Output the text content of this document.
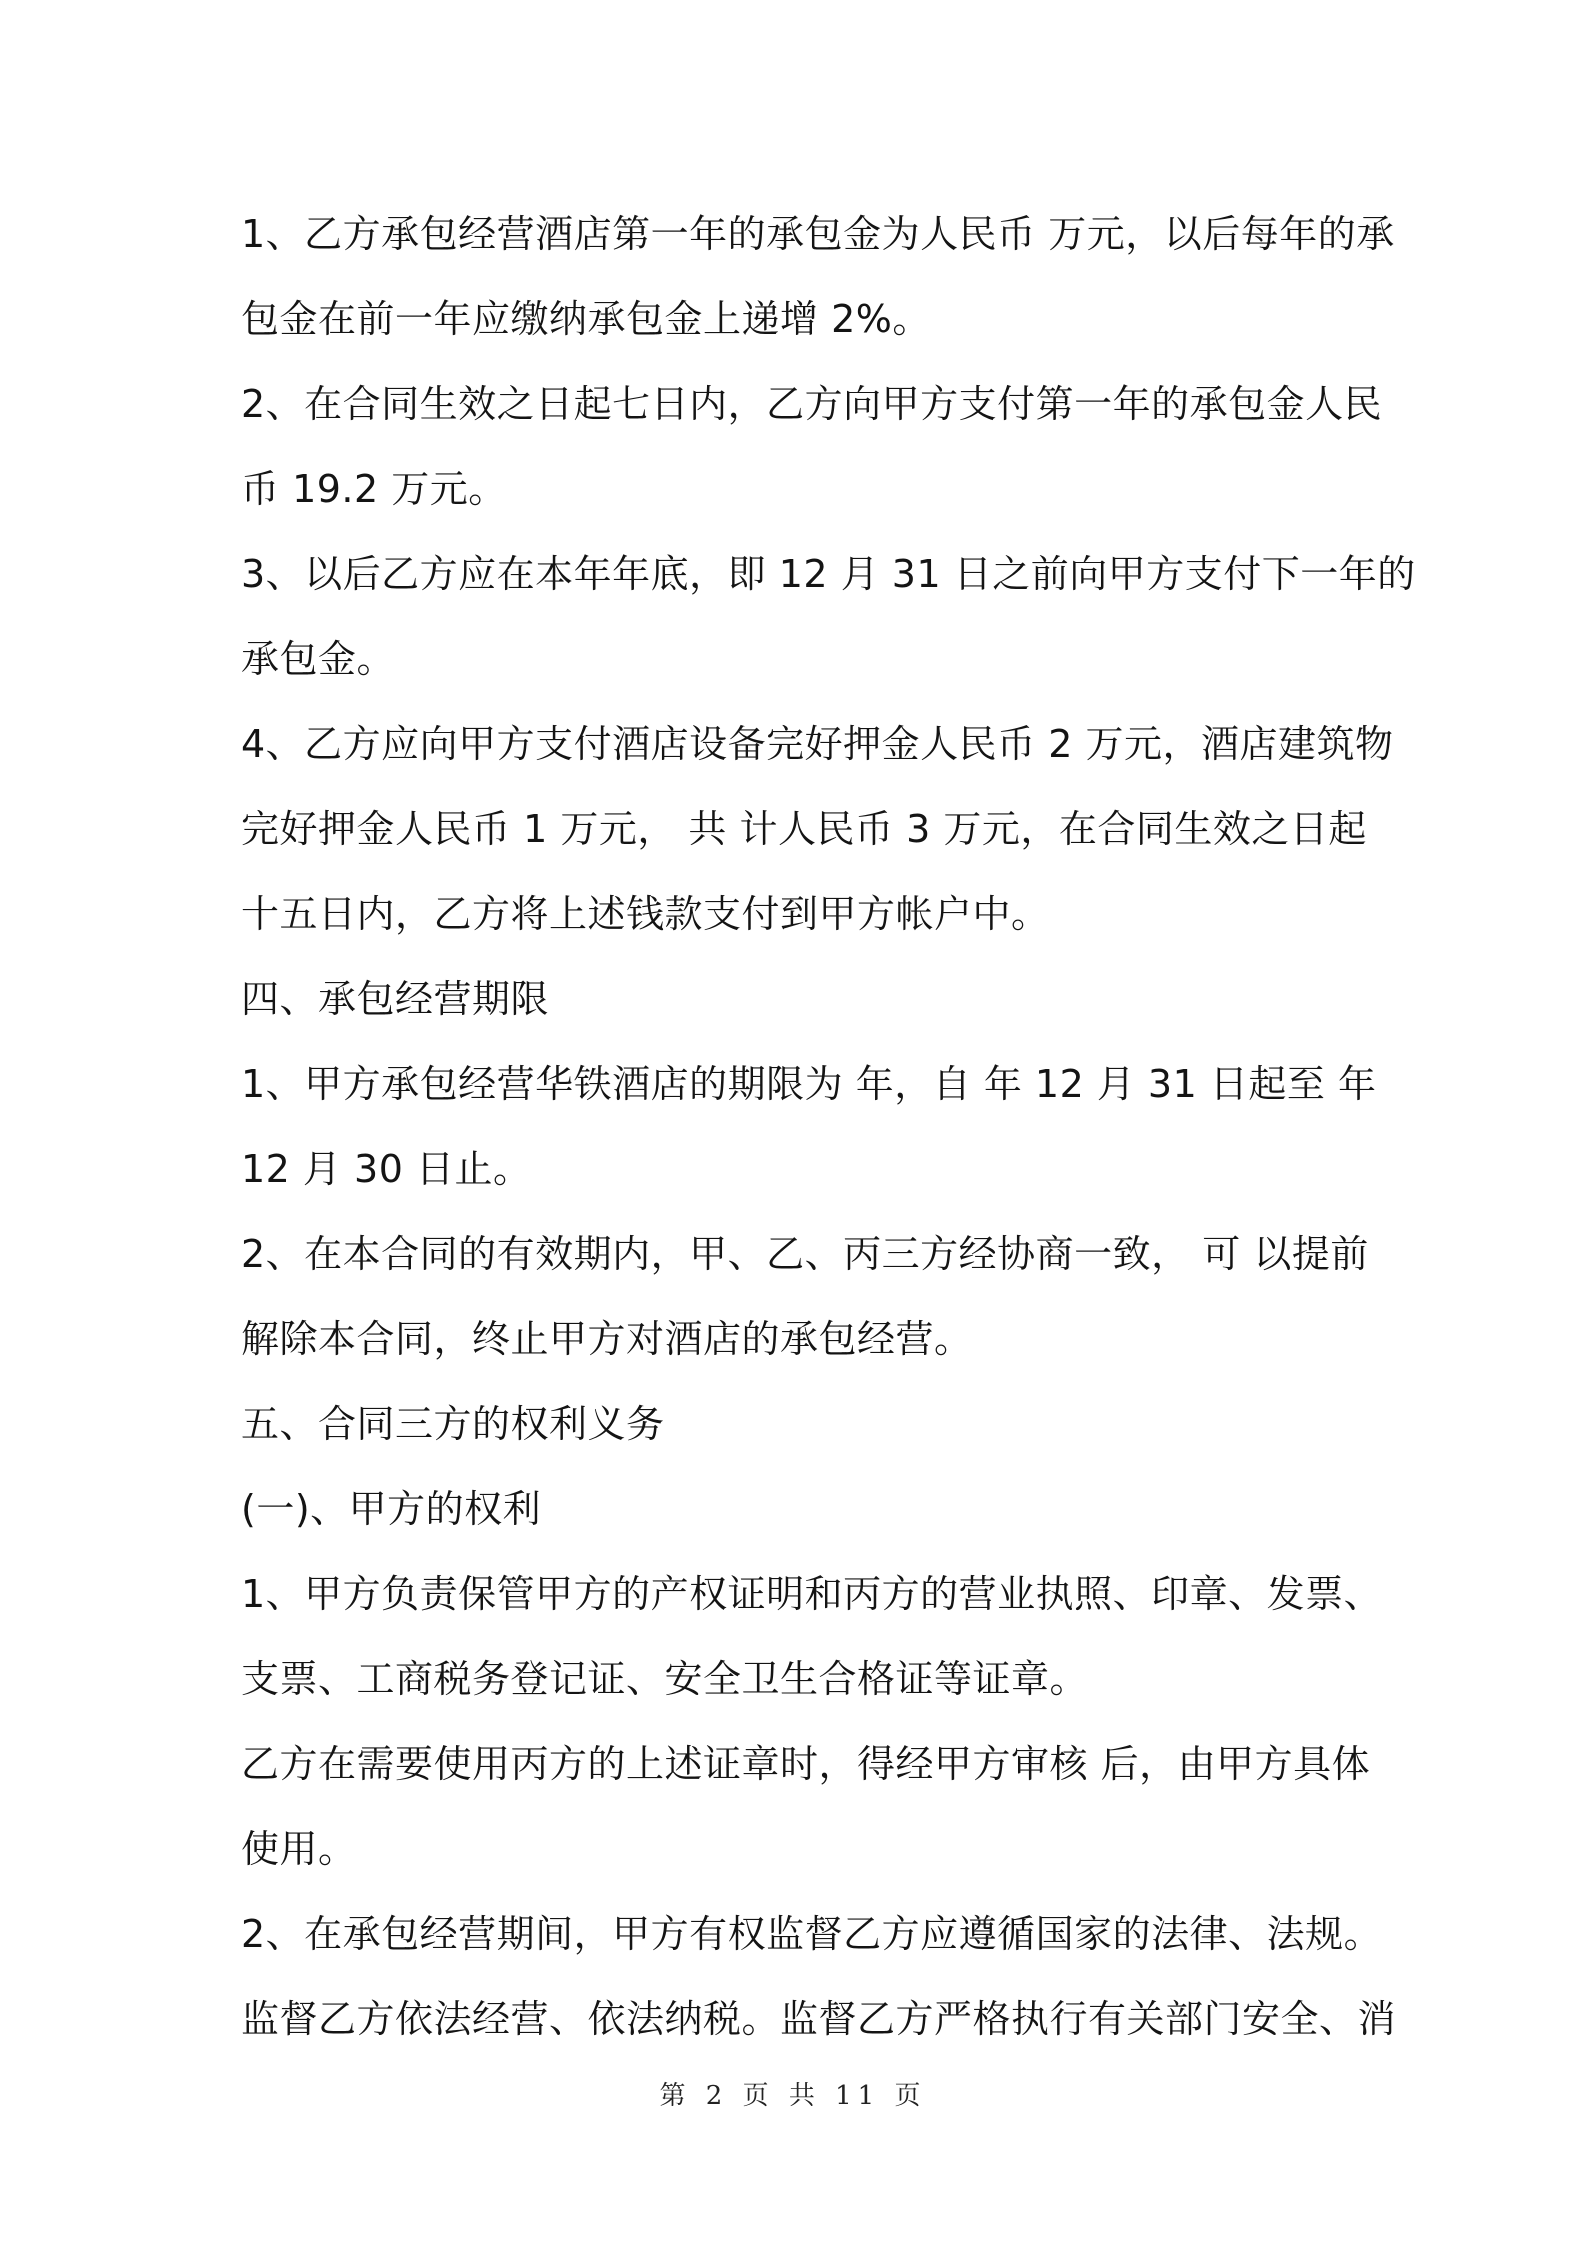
1、乙方承包经营酒店第一年的承包金为人民币 万元，以后每年的承
包金在前一年应缴纳承包金上递增 2%。
2、在合同生效之日起七日内，乙方向甲方支付第一年的承包金人民
币 19.2 万元。
3、以后乙方应在本年年底，即 12 月 31 日之前向甲方支付下一年的
承包金。
4、乙方应向甲方支付酒店设备完好押金人民币 2 万元，酒店建筑物
完好押金人民币 1 万元， 共 计人民币 3 万元，在合同生效之日起
十五日内，乙方将上述钱款支付到甲方帐户中。
四、承包经营期限
1、甲方承包经营华铁酒店的期限为 年，自 年 12 月 31 日起至 年
12 月 30 日止。
2、在本合同的有效期内，甲、乙、丙三方经协商一致， 可 以提前
解除本合同，终止甲方对酒店的承包经营。
五、合同三方的权利义务
(一)、甲方的权利
1、甲方负责保管甲方的产权证明和丙方的营业执照、印章、发票、
支票、工商税务登记证、安全卫生合格证等证章。
乙方在需要使用丙方的上述证章时，得经甲方审核 后，由甲方具体
使用。
2、在承包经营期间，甲方有权监督乙方应遵循国家的法律、法规。
监督乙方依法经营、依法纳税。监督乙方严格执行有关部门安全、消
第 2 页 共 11 页
